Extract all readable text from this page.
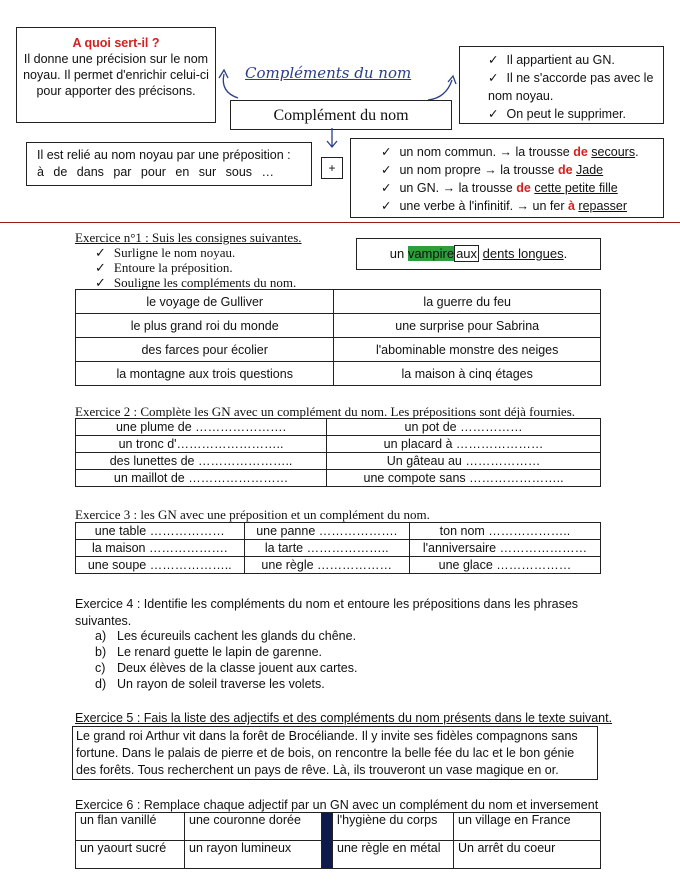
A quoi sert-il ?
Il donne une précision sur le nom noyau. Il permet d'enrichir celui-ci pour apporter des précisons.
Compléments du nom
Complément du nom
✓ Il appartient au GN.
✓ Il ne s'accorde pas avec le nom noyau.
✓ On peut le supprimer.
Il est relié au nom noyau par une préposition :
à de dans par pour en sur sous …	+
✓ un nom commun. → la trousse de secours.
✓ un nom propre → la trousse de Jade
✓ un GN. → la trousse de cette petite fille
✓ une verbe à l'infinitif. → un fer à repasser
Exercice n°1 : Suis les consignes suivantes.
✓ Surligne le nom noyau.
✓ Entoure la préposition.
✓ Souligne les compléments du nom.
un vampire aux dents longues.
le voyage de Gulliver	la guerre du feu
le plus grand roi du monde	une surprise pour Sabrina
des farces pour écolier	l'abominable monstre des neiges
la montagne aux trois questions	la maison à cinq étages
Exercice 2 : Complète les GN avec un complément du nom. Les prépositions sont déjà fournies.
une plume de ………………….	un pot de ……………
un tronc d'……………………..	un placard à …………………
des lunettes de …………………..	Un gâteau au ………………
un maillot de ……………………	une compote sans …………………..
Exercice 3 : les GN avec une préposition et un complément du nom.
une table ………………	une panne ……………….	ton nom ………………..
la maison ……………….	la tarte ………………..	l'anniversaire …………………
une soupe ………………..	une règle ………………	une glace ………………
Exercice 4 : Identifie les compléments du nom et entoure les prépositions dans les phrases suivantes.
a) Les écureuils cachent les glands du chêne.
b) Le renard guette le lapin de garenne.
c) Deux élèves de la classe jouent aux cartes.
d) Un rayon de soleil traverse les volets.
Exercice 5 : Fais la liste des adjectifs et des compléments du nom présents dans le texte suivant.
Le grand roi Arthur vit dans la forêt de Brocéliande. Il y invite ses fidèles compagnons sans
fortune. Dans le palais de pierre et de bois, on rencontre la belle fée du lac et le bon génie
des forêts. Tous recherchent un pays de rêve. Là, ils trouveront un vase magique en or.
Exercice 6 : Remplace chaque adjectif par un GN avec un complément du nom et inversement
un flan vanillé	une couronne dorée		l'hygiène du corps	un village en France
un yaourt sucré	un rayon lumineux		une règle en métal	Un arrêt du coeur
